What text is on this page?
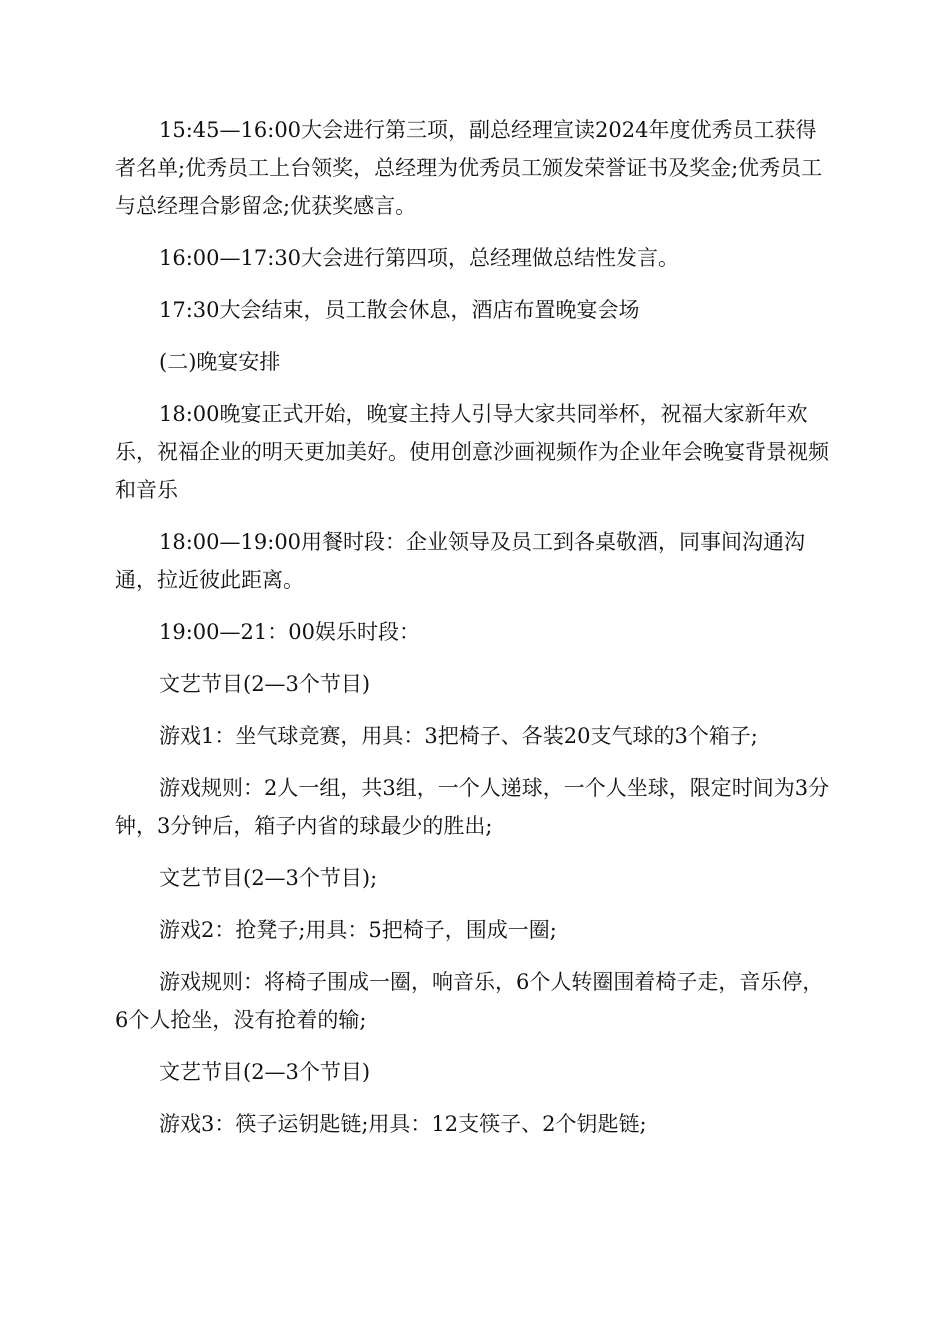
15:45—16:00大会进行第三项，副总经理宣读2024年度优秀员工获得者名单;优秀员工上台领奖，总经理为优秀员工颁发荣誉证书及奖金;优秀员工与总经理合影留念;优获奖感言。

16:00—17:30大会进行第四项，总经理做总结性发言。

17:30大会结束，员工散会休息，酒店布置晚宴会场

(二)晚宴安排

18:00晚宴正式开始，晚宴主持人引导大家共同举杯，祝福大家新年欢乐，祝福企业的明天更加美好。使用创意沙画视频作为企业年会晚宴背景视频和音乐

18:00—19:00用餐时段：企业领导及员工到各桌敬酒，同事间沟通沟通，拉近彼此距离。

19:00—21：00娱乐时段：

文艺节目(2—3个节目)

游戏1：坐气球竞赛，用具：3把椅子、各装20支气球的3个箱子;

游戏规则：2人一组，共3组，一个人递球，一个人坐球，限定时间为3分钟，3分钟后，箱子内省的球最少的胜出;

文艺节目(2—3个节目);

游戏2：抢凳子;用具：5把椅子，围成一圈;

游戏规则：将椅子围成一圈，响音乐，6个人转圈围着椅子走，音乐停，6个人抢坐，没有抢着的输;

文艺节目(2—3个节目)

游戏3：筷子运钥匙链;用具：12支筷子、2个钥匙链;
